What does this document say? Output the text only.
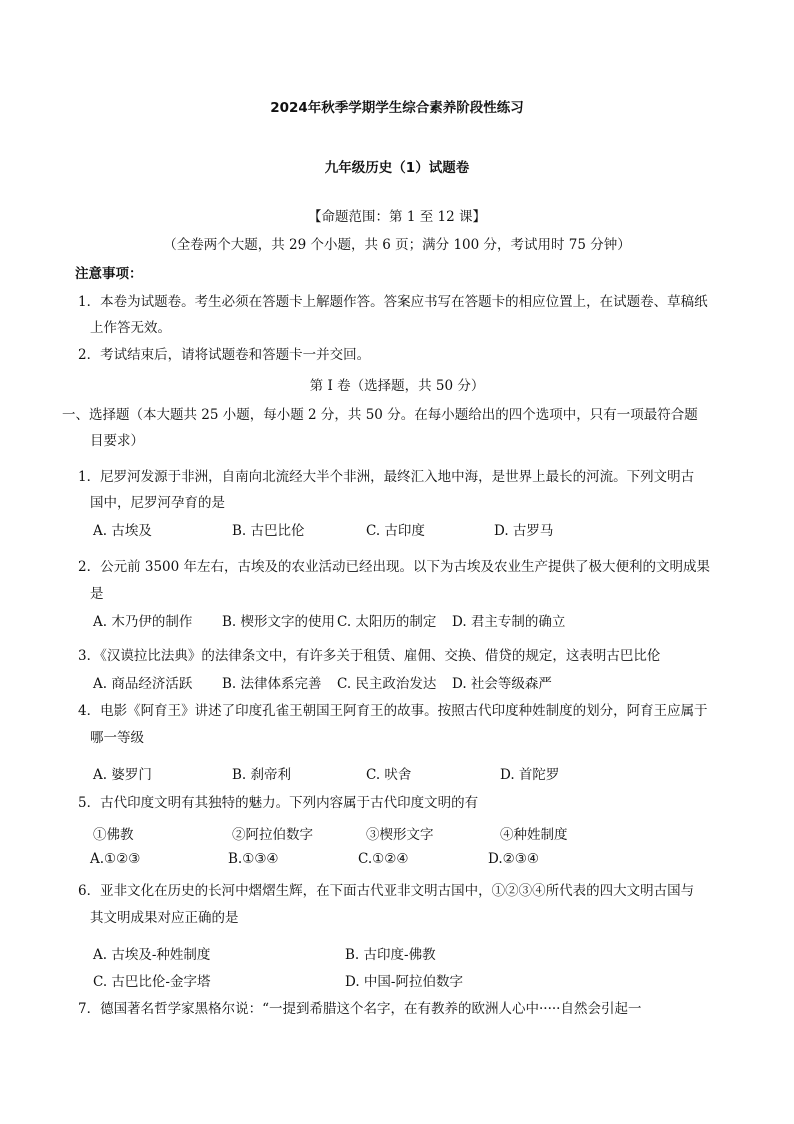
2024年秋季学期学生综合素养阶段性练习
九年级历史（1）试题卷
【命题范围：第 1 至 12 课】
（全卷两个大题，共 29 个小题，共 6 页；满分 100 分，考试用时 75 分钟）
注意事项：
1．本卷为试题卷。考生必须在答题卡上解题作答。答案应书写在答题卡的相应位置上，在试题卷、草稿纸
上作答无效。
2．考试结束后，请将试题卷和答题卡一并交回。
第 I 卷（选择题，共 50 分）
一、选择题（本大题共 25 小题，每小题 2 分，共 50 分。在每小题给出的四个选项中，只有一项最符合题
目要求）
1．尼罗河发源于非洲，自南向北流经大半个非洲，最终汇入地中海，是世界上最长的河流。下列文明古
国中，尼罗河孕育的是
A. 古埃及	B. 古巴比伦	C. 古印度	D. 古罗马
2．公元前 3500 年左右，古埃及的农业活动已经出现。以下为古埃及农业生产提供了极大便利的文明成果
是
A. 木乃伊的制作 B. 楔形文字的使用 C. 太阳历的制定 D. 君主专制的确立
3．《汉谟拉比法典》的法律条文中，有许多关于租赁、雇佣、交换、借贷的规定，这表明古巴比伦
A. 商品经济活跃 B. 法律体系完善 C. 民主政治发达 D. 社会等级森严
4．电影《阿育王》讲述了印度孔雀王朝国王阿育王的故事。按照古代印度种姓制度的划分，阿育王应属于
哪一等级
A. 婆罗门	B. 刹帝利	C. 吠舍	D. 首陀罗
5．古代印度文明有其独特的魅力。下列内容属于古代印度文明的有
①佛教	②阿拉伯数字	③楔形文字	④种姓制度
A.①②③	B.①③④	C.①②④	D.②③④
6．亚非文化在历史的长河中熠熠生辉，在下面古代亚非文明古国中，①②③④所代表的四大文明古国与
其文明成果对应正确的是
A. 古埃及-种姓制度	B. 古印度-佛教
C. 古巴比伦-金字塔	D. 中国-阿拉伯数字
7．德国著名哲学家黑格尔说：“一提到希腊这个名字，在有教养的欧洲人心中·····自然会引起一
